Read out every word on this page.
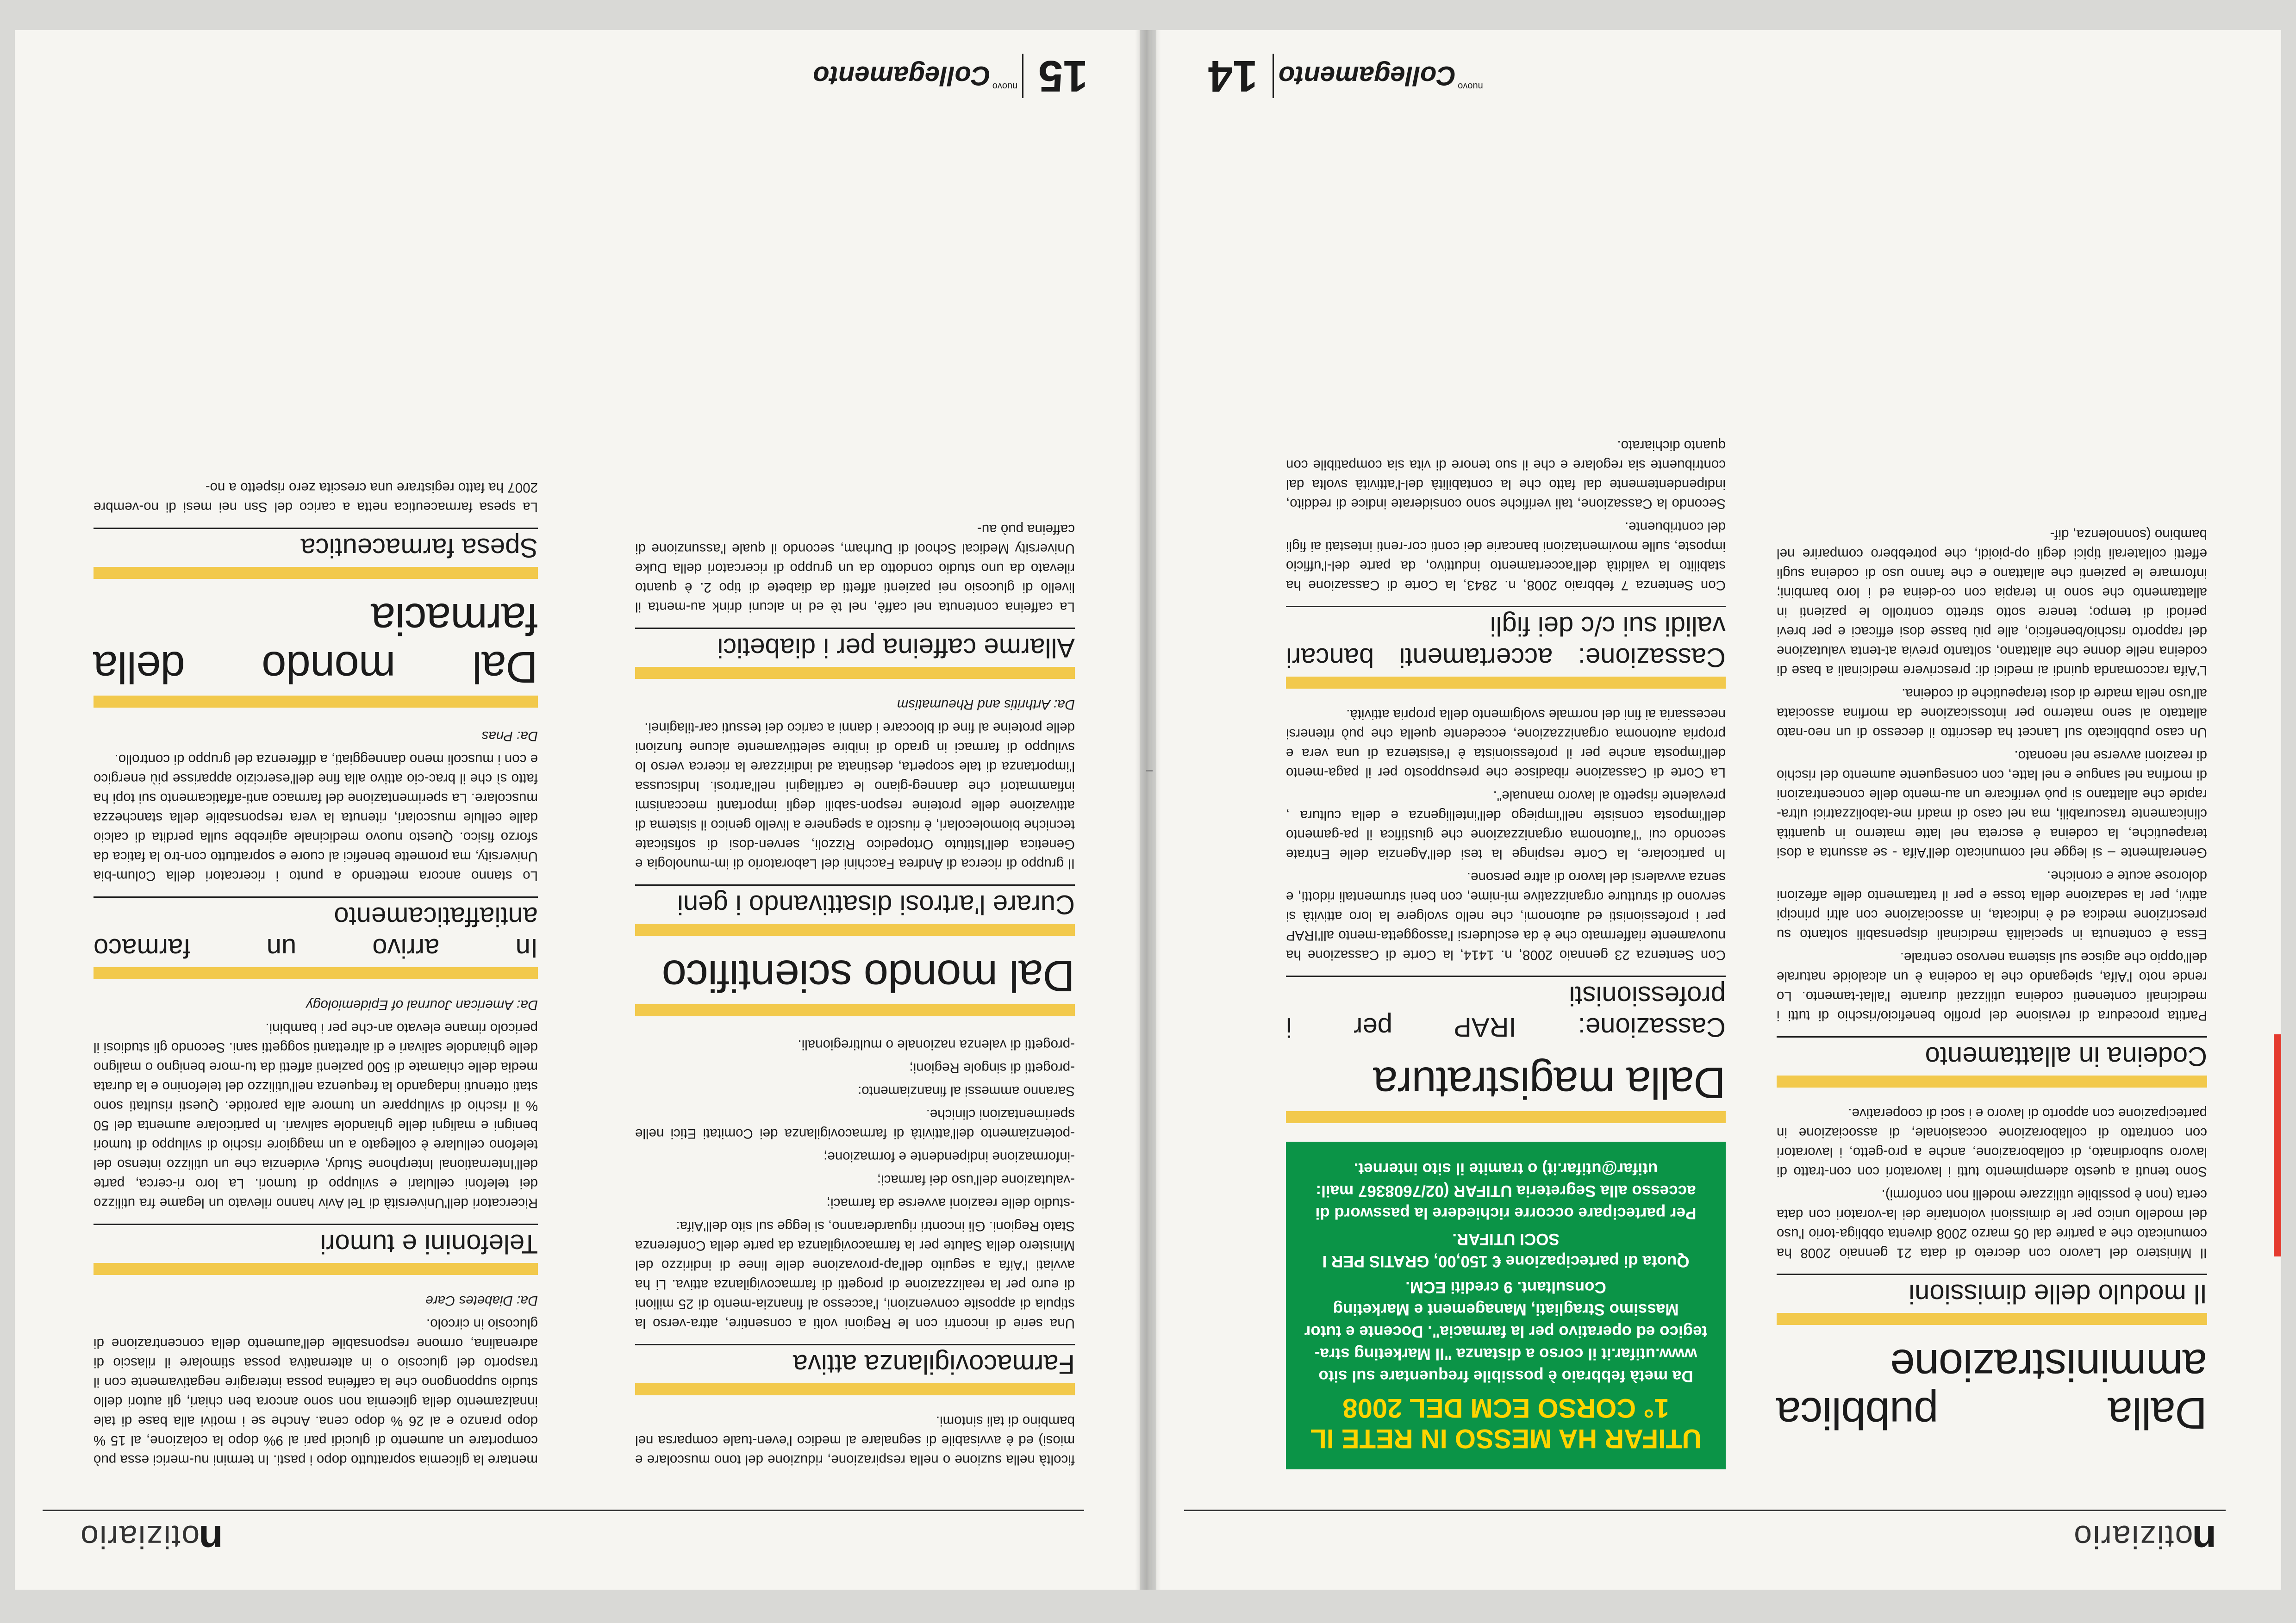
notiziario
Dalla pubblica amministrazione
Il modulo delle dimissioni

Il Ministero del Lavoro con decreto di data 21 gennaio 2008 ha comunicato che a partire dal 05 marzo 2008 diventa obbliga-torio l'uso del modello unico per le dimissioni volontarie dei la-voratori con data certa (non è possibile utilizzare modelli non conformi).

Sono tenuti a questo adempimento tutti i lavoratori con con-tratto di lavoro subordinato, di collaborazione, anche a pro-getto, i lavoratori con contratto di collaborazione occasionale, di associazione in partecipazione con apporto di lavoro e i soci di cooperative.

Codeina in allattamento

Partita procedura di revisione del profilo beneficio/rischio di tutti i medicinali contenenti codeina utilizzati durante l'allat-tamento. Lo rende noto l'Aifa, spiegando che la codeina è un alcaloide naturale dell'oppio che agisce sul sistema nervoso centrale.

Essa è contenuta in specialità medicinali dispensabili soltanto su prescrizione medica ed è indicata, in associazione con altri principi attivi, per la sedazione della tosse e per il trattamento delle affezioni dolorose acute e croniche.

Generalmente – si legge nel comunicato dell'Aifa - se assunta a dosi terapeutiche, la codeina è escreta nel latte materno in quantità clinicamente trascurabili, ma nel caso di madri me-tabolizzatrici ultra-rapide che allattano si può verificare un au-mento delle concentrazioni di morfina nel sangue e nel latte, con conseguente aumento del rischio di reazioni avverse nel neonato.

Un caso pubblicato sul Lancet ha descritto il decesso di un neo-nato allattato al seno materno per intossicazione da morfina associata all'uso nella madre di dosi terapeutiche di codeina.

L'Aifa raccomanda quindi ai medici di: prescrivere medicinali a base di codeina nelle donne che allattano, soltanto previa at-tenta valutazione del rapporto rischio/beneficio, alle più basse dosi efficaci e per brevi periodi di tempo; tenere sotto stretto controllo le pazienti in allattamento che sono in terapia con co-deina ed i loro bambini; informare le pazienti che allattano e che fanno uso di codeina sugli effetti collaterali tipici degli op-pioidi, che potrebbero comparire nel bambino (sonnolenza, dif-

UTIFAR HA MESSO IN RETE IL 1° CORSO ECM DEL 2008
Da metà febbraio è possibile frequentare sul sito www.utifar.it il corso a distanza "Il Marketing stra-tegico ed operativo per la farmacia". Docente e tutor Massimo Stragliati, Management e Marketing Consultant. 9 crediti ECM.
Quota di partecipazione € 150,00, GRATIS PER I SOCI UTIFAR.
Per partecipare occorre richiedere la password di accesso alla Segreteria UTIFAR (02/7608367 mail: utifar@utifar.it) o tramite il sito internet.
Dalla magistratura
Cassazione: IRAP per i professionisti

Con Sentenza 23 gennaio 2008, n. 1414, la Corte di Cassazione ha nuovamente riaffermato che è da escludersi l'assoggetta-mento all'IRAP per i professionisti ed autonomi, che nello svolgere la loro attività si servono di strutture organizzative mi-nime, con beni strumentali ridotti, e senza avvalersi del lavoro di altre persone.

In particolare, la Corte respinge la tesi dell'Agenzia delle Entrate secondo cui "l'autonoma organizzazione che giustifica il pa-gamento dell'imposta consiste nell'impiego dell'intelligenza e della cultura , prevalente rispetto al lavoro manuale".

La Corte di Cassazione ribadisce che presupposto per il paga-mento dell'imposta anche per il professionista è l'esistenza di una vera e propria autonoma organizzazione, eccedente quella che può ritenersi necessaria ai fini del normale svolgimento della propria attività.

Cassazione: accertamenti bancari validi sui c/c dei figli

Con Sentenza 7 febbraio 2008, n. 2843, la Corte di Cassazione ha stabilito la validità dell'accertamento induttivo, da parte del-l'ufficio imposte, sulle movimentazioni bancarie dei conti cor-renti intestati ai figli del contribuente.

Secondo la Cassazione, tali verifiche sono considerate indice di reddito, indipendentemente dal fatto che la contabilità del-l'attività svolta dal contribuente sia regolare e che il suo tenore di vita sia compatibile con quanto dichiarato.

$^{nuovo}$Collegamento
14
notiziario

ficoltà nella suzione o nella respirazione, riduzione del tono muscolare e miosi) ed è avvisabile di segnalare al medico l'even-tuale comparsa nel bambino di tali sintomi.

Farmacovigilanza attiva

Una serie di incontri con le Regioni volti a consentire, attra-verso la stipula di apposite convenzioni, l'accesso al finanzia-mento di 25 milioni di euro per la realizzazione di progetti di farmacovigilanza attiva. Li ha avviati l'Aifa a seguito dell'ap-provazione delle linee di indirizzo del Ministero della Salute per la farmacovigilanza da parte della Conferenza Stato Regioni. Gli incontri riguarderanno, si legge sul sito dell'Aifa:

-studio delle reazioni avverse da farmaci;

-valutazione dell'uso dei farmaci;

-informazione indipendente e formazione;

-potenziamento dell'attività di farmacovigilanza dei Comitati Etici nelle sperimentazioni cliniche.

Saranno ammessi al finanziamento:

-progetti di singole Regioni;

-progetti di valenza nazionale o multiregionali.

Dal mondo scientifico
Curare l'artrosi disattivando i geni

Il gruppo di ricerca di Andrea Facchini del Laboratorio di im-munologia e Genetica dell'Istituto Ortopedico Rizzoli, serven-dosi di sofisticate tecniche biomolecolari, è riuscito a spegnere a livello genico il sistema di attivazione delle proteine respon-sabili degli importanti meccanismi infiammatori che danneg-giano le cartilagini nell'artrosi. Indiscussa l'importanza di tale scoperta, destinata ad indirizzare la ricerca verso lo sviluppo di farmaci in grado di inibire selettivamente alcune funzioni delle proteine al fine di bloccare i danni a carico dei tessuti car-tilaginei.

Da: Arthritis and Rheumatism

Allarme caffeina per i diabetici

La caffeina contenuta nel caffè, nel tè ed in alcuni drink au-menta il livello di glucosio nei pazienti affetti da diabete di tipo 2. è quanto rilevato da uno studio condotto da un gruppo di ricercatori della Duke University Medical School di Durham, secondo il quale l'assunzione di caffeina può au-

mentare la glicemia soprattutto dopo i pasti. In termini nu-merici essa può comportare un aumento di glucidi pari al 9% dopo la colazione, al 15 % dopo pranzo e al 26 % dopo cena. Anche se i motivi alla base di tale innalzamento della glicemia non sono ancora ben chiari, gli autori dello studio suppongono che la caffeina possa interagire negativamente con il trasporto del glucosio o in alternativa possa stimolare il rilascio di adrenalina, ormone responsabile dell'aumento della concentrazione di glucosio in circolo.

Da: Diabetes Care

Telefonini e tumori

Ricercatori dell'Università di Tel Aviv hanno rilevato un legame fra utilizzo dei telefoni cellulari e sviluppo di tumori. La loro ri-cerca, parte dell'International Interphone Study, evidenzia che un utilizzo intenso del telefono cellulare è collegato a un maggiore rischio di sviluppo di tumori benigni e maligni delle ghiandole salivari. In particolare aumenta del 50 % il rischio di sviluppare un tumore alla parotide. Questi risultati sono stati ottenuti indagando la frequenza nell'utilizzo del telefonino e la durata media delle chiamate di 500 pazienti affetti da tu-more benigno o maligno delle ghiandole salivari e di altrettanti soggetti sani. Secondo gli studiosi il pericolo rimane elevato an-che per i bambini.

Da: American Journal of Epidemiology

In arrivo un farmaco antiaffaticamento

Lo stanno ancora mettendo a punto i ricercatori della Colum-bia University, ma promette benefici al cuore e soprattutto con-tro la fatica da sforzo fisico. Questo nuovo medicinale agirebbe sulla perdita di calcio dalle cellule muscolari, ritenuta la vera responsabile della stanchezza muscolare. La sperimentazione del farmaco anti-affaticamento sui topi ha fatto sì che il brac-cio attivo alla fine dell'esercizio apparisse più energico e con i muscoli meno danneggiati, a differenza del gruppo di controllo.

Da: Pnas

Dal mondo della farmacia
Spesa farmaceutica

La spesa farmaceutica netta a carico del Ssn nei mesi di no-vembre 2007 ha fatto registrare una crescita zero rispetto a no-

15
$^{nuovo}$Collegamento
